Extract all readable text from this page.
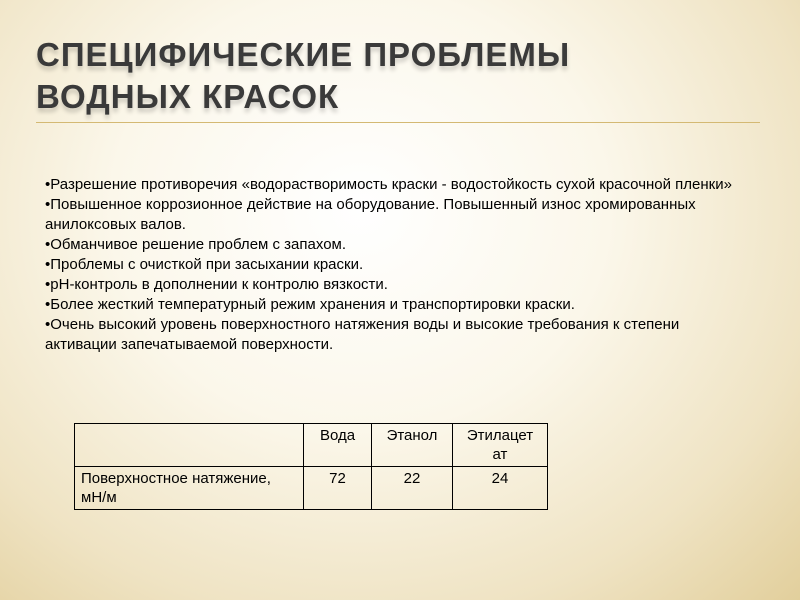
СПЕЦИФИЧЕСКИЕ ПРОБЛЕМЫ ВОДНЫХ КРАСОК
• Разрешение противоречия «водорастворимость краски - водостойкость сухой красочной пленки»
• Повышенное коррозионное действие на оборудование. Повышенный износ хромированных анилоксовых валов.
• Обманчивое решение проблем с запахом.
• Проблемы с очисткой при засыхании краски.
• рН-контроль в дополнении к контролю вязкости.
• Более жесткий температурный режим хранения и транспортировки краски.
• Очень высокий уровень поверхностного натяжения воды и высокие требования к степени активации запечатываемой поверхности.
	Вода	Этанол	Этилацет ат
Поверхностное натяжение, мН/м	72	22	24
